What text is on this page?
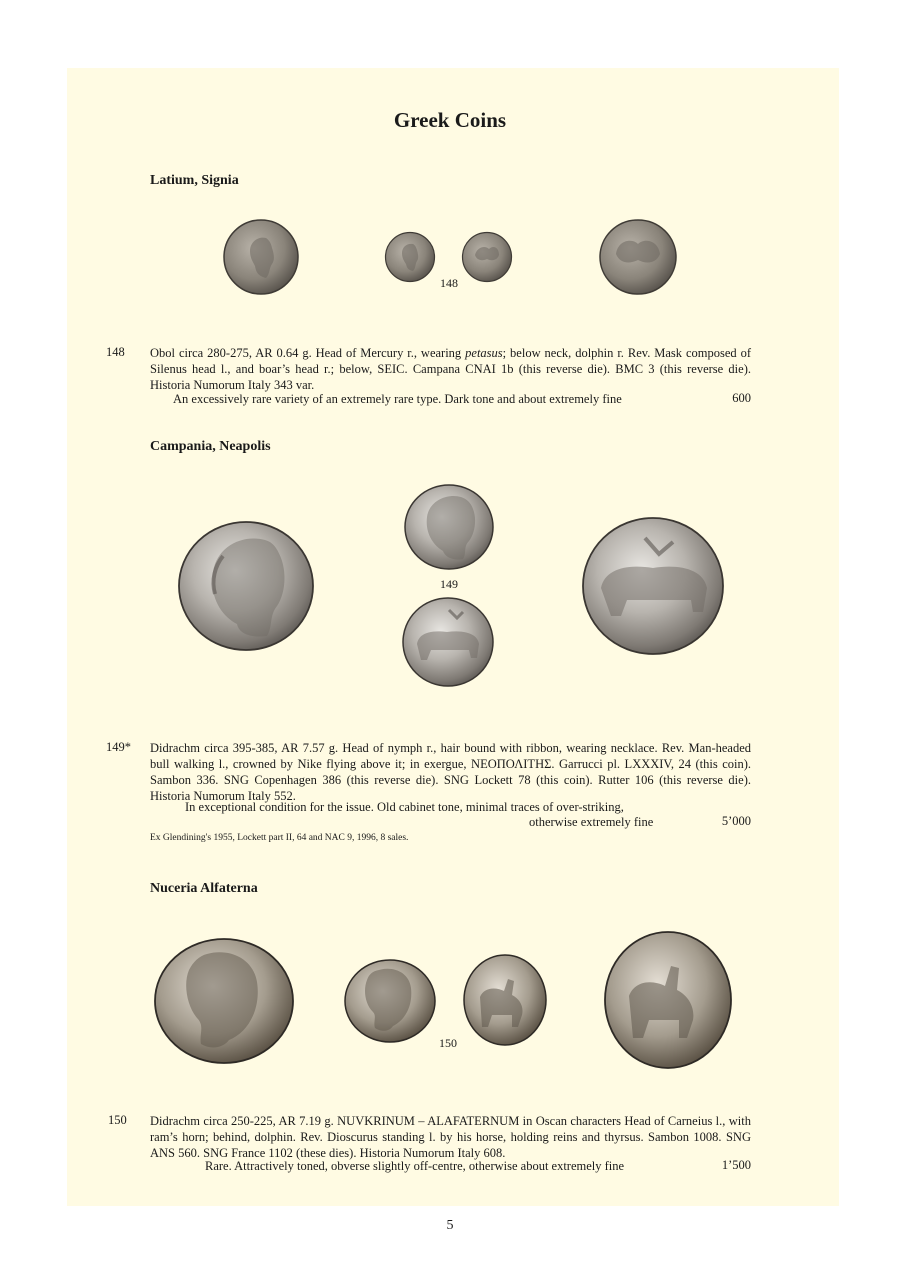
Greek Coins
Latium, Signia
148
148 Obol circa 280-275, AR 0.64 g. Head of Mercury r., wearing petasus; below neck, dolphin r. Rev. Mask composed of Silenus head l., and boar’s head r.; below, SEIC. Campana CNAI 1b (this reverse die). BMC 3 (this reverse die). Historia Numorum Italy 343 var.

An excessively rare variety of an extremely rare type. Dark tone and about extremely fine	600
Campania, Neapolis
149
149* Didrachm circa 395-385, AR 7.57 g. Head of nymph r., hair bound with ribbon, wearing necklace. Rev. Man-headed bull walking l., crowned by Nike flying above it; in exergue, ΝΕΟΠΟΛΙΤΗΣ. Garrucci pl. LXXXIV, 24 (this coin). Sambon 336. SNG Copenhagen 386 (this reverse die). SNG Lockett 78 (this coin). Rutter 106 (this reverse die). Historia Numorum Italy 552.

In exceptional condition for the issue. Old cabinet tone, minimal traces of over-striking,
otherwise extremely fine	5’000
Ex Glendining's 1955, Lockett part II, 64 and NAC 9, 1996, 8 sales.
Nuceria Alfaterna
150
150 Didrachm circa 250-225, AR 7.19 g. NUVKRINUM – ALAFATERNUM in Oscan characters Head of Carneius l., with ram’s horn; behind, dolphin. Rev. Dioscurus standing l. by his horse, holding reins and thyrsus. Sambon 1008. SNG ANS 560. SNG France 1102 (these dies). Historia Numorum Italy 608.

Rare. Attractively toned, obverse slightly off-centre, otherwise about extremely fine	1’500
5
